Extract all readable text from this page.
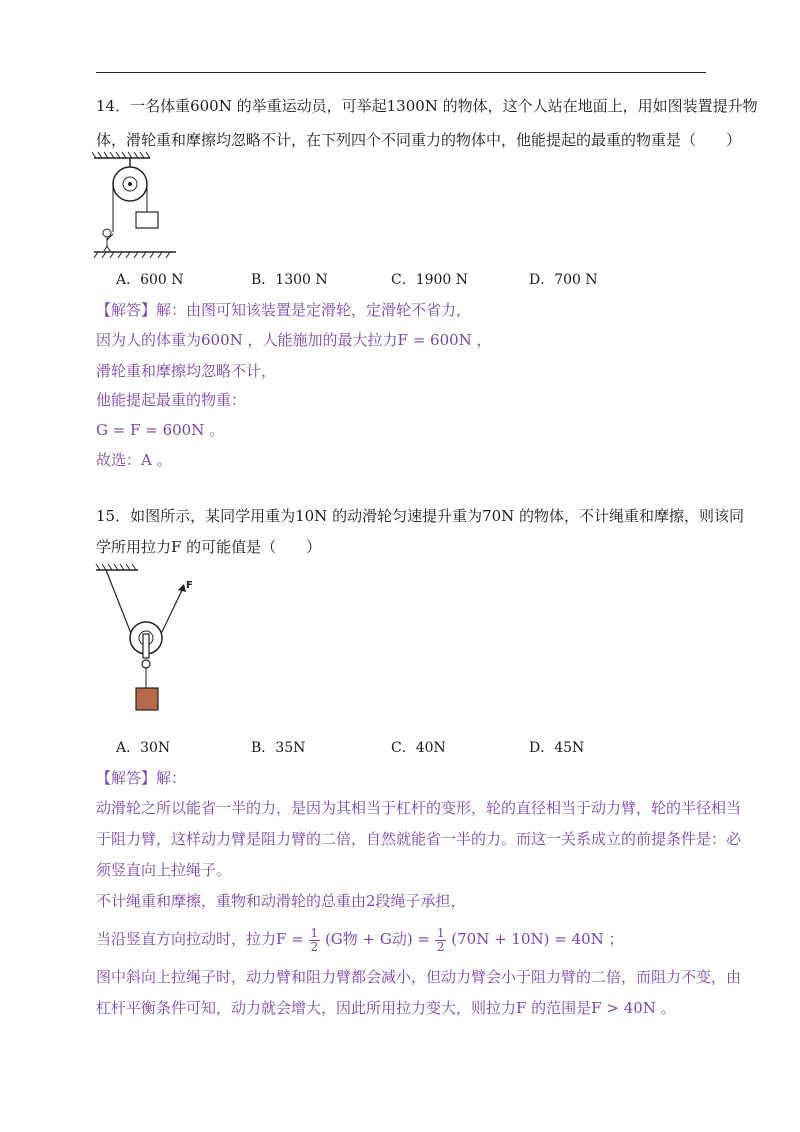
14．一名体重600N 的举重运动员，可举起1300N 的物体，这个人站在地面上，用如图装置提升物
体，滑轮重和摩擦均忽略不计，在下列四个不同重力的物体中，他能提起的最重的物重是（　　）
A．600 N	B．1300 N	C．1900 N	D．700 N
【解答】解：由图可知该装置是定滑轮，定滑轮不省力，
因为人的体重为600N ，人能施加的最大拉力F = 600N ，
滑轮重和摩擦均忽略不计，
他能提起最重的物重：
G = F = 600N 。
故选：A 。
15．如图所示，某同学用重为10N 的动滑轮匀速提升重为70N 的物体，不计绳重和摩擦，则该同
学所用拉力F 的可能值是（　　）
F
A．30N	B．35N	C．40N	D．45N
【解答】解：
动滑轮之所以能省一半的力，是因为其相当于杠杆的变形，轮的直径相当于动力臂，轮的半径相当
于阻力臂，这样动力臂是阻力臂的二倍，自然就能省一半的力。而这一关系成立的前提条件是：必
须竖直向上拉绳子。
不计绳重和摩擦，重物和动滑轮的总重由2段绳子承担，
当沿竖直方向拉动时，拉力$F = \frac{1}{2} (G$物 + G动) = $\frac{1}{2} (70N + 10N) = 40N$ ；
图中斜向上拉绳子时，动力臂和阻力臂都会减小，但动力臂会小于阻力臂的二倍，而阻力不变，由
杠杆平衡条件可知，动力就会增大，因此所用拉力变大，则拉力F 的范围是F > 40N 。
